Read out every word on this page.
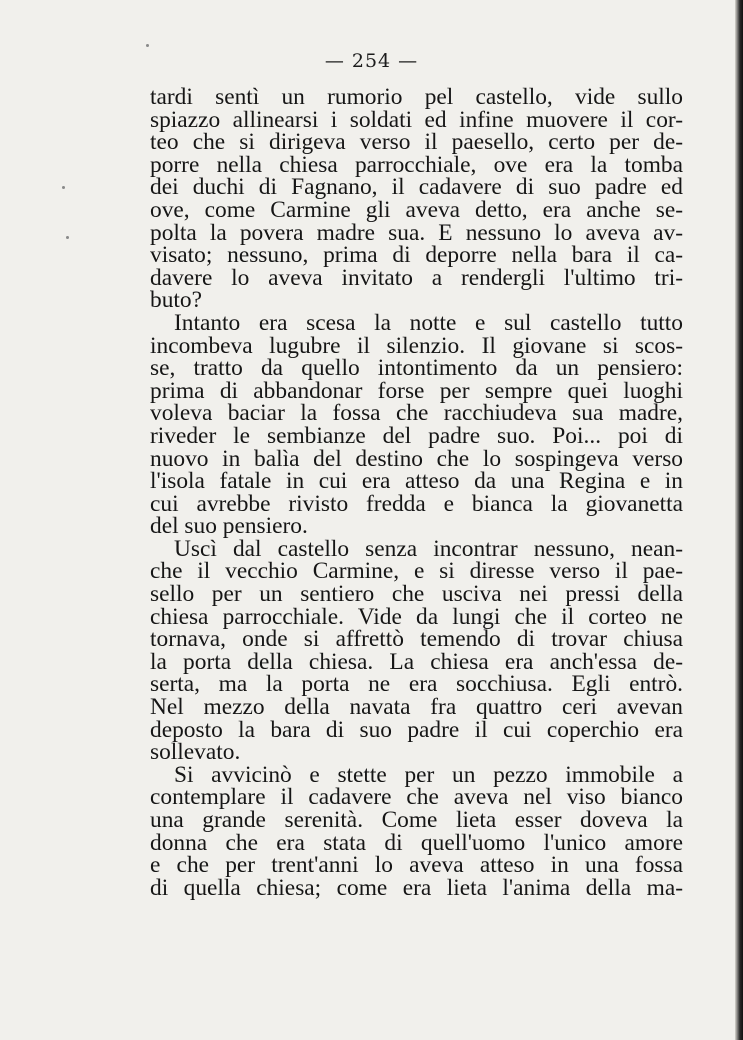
— 254 —
tardi sentì un rumorio pel castello, vide sullo
spiazzo allinearsi i soldati ed infine muovere il cor-
teo che si dirigeva verso il paesello, certo per de-
porre nella chiesa parrocchiale, ove era la tomba
dei duchi di Fagnano, il cadavere di suo padre ed
ove, come Carmine gli aveva detto, era anche se-
polta la povera madre sua. E nessuno lo aveva av-
visato; nessuno, prima di deporre nella bara il ca-
davere lo aveva invitato a rendergli l'ultimo tri-
buto?
Intanto era scesa la notte e sul castello tutto
incombeva lugubre il silenzio. Il giovane si scos-
se, tratto da quello intontimento da un pensiero:
prima di abbandonar forse per sempre quei luoghi
voleva baciar la fossa che racchiudeva sua madre,
riveder le sembianze del padre suo. Poi... poi di
nuovo in balìa del destino che lo sospingeva verso
l'isola fatale in cui era atteso da una Regina e in
cui avrebbe rivisto fredda e bianca la giovanetta
del suo pensiero.
Uscì dal castello senza incontrar nessuno, nean-
che il vecchio Carmine, e si diresse verso il pae-
sello per un sentiero che usciva nei pressi della
chiesa parrocchiale. Vide da lungi che il corteo ne
tornava, onde si affrettò temendo di trovar chiusa
la porta della chiesa. La chiesa era anch'essa de-
serta, ma la porta ne era socchiusa. Egli entrò.
Nel mezzo della navata fra quattro ceri avevan
deposto la bara di suo padre il cui coperchio era
sollevato.
Si avvicinò e stette per un pezzo immobile a
contemplare il cadavere che aveva nel viso bianco
una grande serenità. Come lieta esser doveva la
donna che era stata di quell'uomo l'unico amore
e che per trent'anni lo aveva atteso in una fossa
di quella chiesa; come era lieta l'anima della ma-
